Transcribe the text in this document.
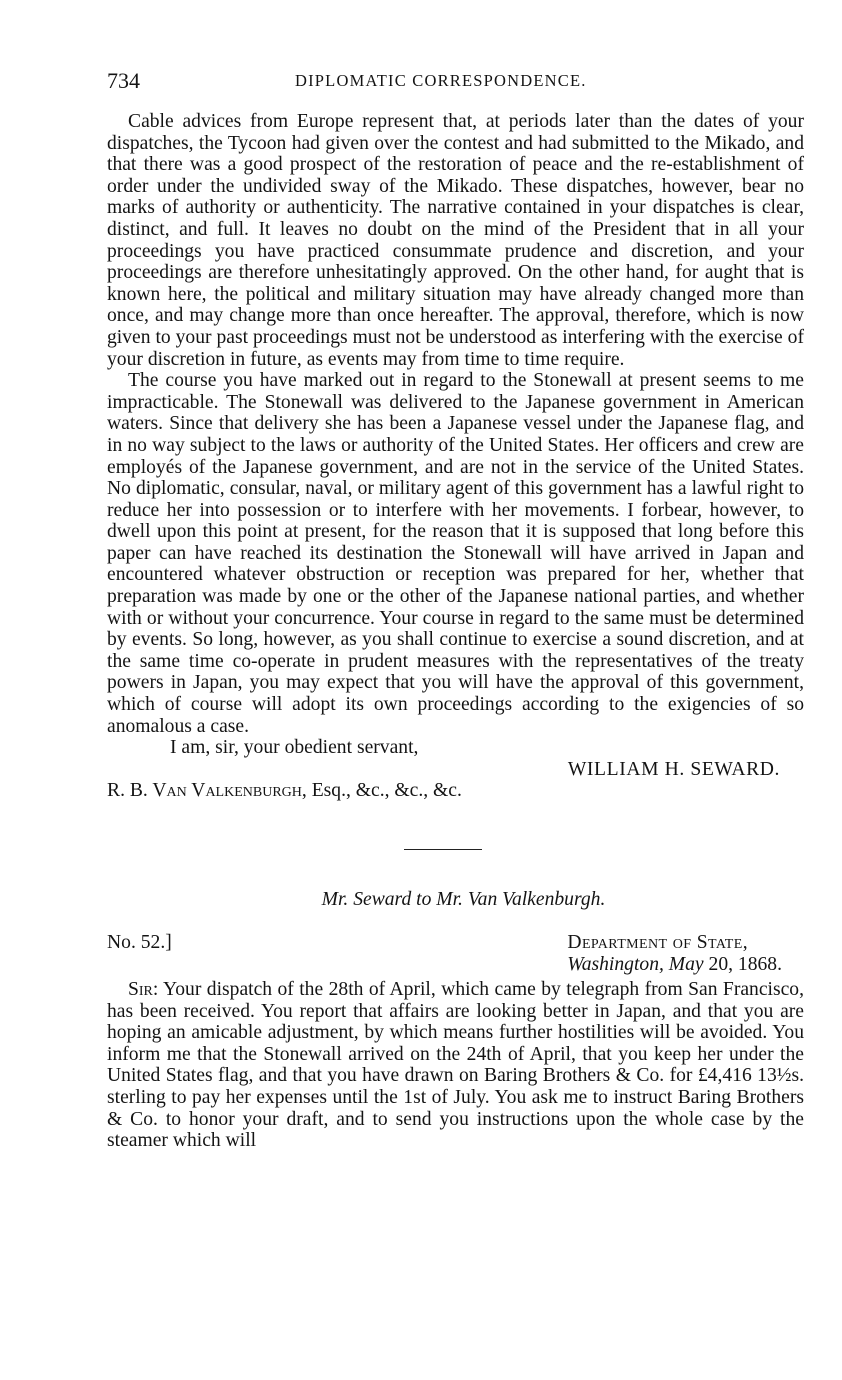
734	DIPLOMATIC CORRESPONDENCE.

Cable advices from Europe represent that, at periods later than the dates of your dispatches, the Tycoon had given over the contest and had submitted to the Mikado, and that there was a good prospect of the restoration of peace and the re-establishment of order under the undivided sway of the Mikado. These dispatches, however, bear no marks of authority or authenticity. The narrative contained in your dispatches is clear, distinct, and full. It leaves no doubt on the mind of the President that in all your proceedings you have practiced consummate prudence and discretion, and your proceedings are therefore unhesitatingly approved. On the other hand, for aught that is known here, the political and military situation may have already changed more than once, and may change more than once hereafter. The approval, therefore, which is now given to your past proceedings must not be understood as interfering with the exercise of your discretion in future, as events may from time to time require.

The course you have marked out in regard to the Stonewall at present seems to me impracticable. The Stonewall was delivered to the Japanese government in American waters. Since that delivery she has been a Japanese vessel under the Japanese flag, and in no way subject to the laws or authority of the United States. Her officers and crew are employés of the Japanese government, and are not in the service of the United States. No diplomatic, consular, naval, or military agent of this government has a lawful right to reduce her into possession or to interfere with her movements. I forbear, however, to dwell upon this point at present, for the reason that it is supposed that long before this paper can have reached its destination the Stonewall will have arrived in Japan and encountered whatever obstruction or reception was prepared for her, whether that preparation was made by one or the other of the Japanese national parties, and whether with or without your concurrence. Your course in regard to the same must be determined by events. So long, however, as you shall continue to exercise a sound discretion, and at the same time co-operate in prudent measures with the representatives of the treaty powers in Japan, you may expect that you will have the approval of this government, which of course will adopt its own proceedings according to the exigencies of so anomalous a case.

I am, sir, your obedient servant,
WILLIAM H. SEWARD.
R. B. Van Valkenburgh, Esq., &c., &c., &c.
Mr. Seward to Mr. Van Valkenburgh.
No. 52.]	Department of State,
Washington, May 20, 1868.

Sir: Your dispatch of the 28th of April, which came by telegraph from San Francisco, has been received. You report that affairs are looking better in Japan, and that you are hoping an amicable adjustment, by which means further hostilities will be avoided. You inform me that the Stonewall arrived on the 24th of April, that you keep her under the United States flag, and that you have drawn on Baring Brothers & Co. for £4,416 13½s. sterling to pay her expenses until the 1st of July. You ask me to instruct Baring Brothers & Co. to honor your draft, and to send you instructions upon the whole case by the steamer which will
